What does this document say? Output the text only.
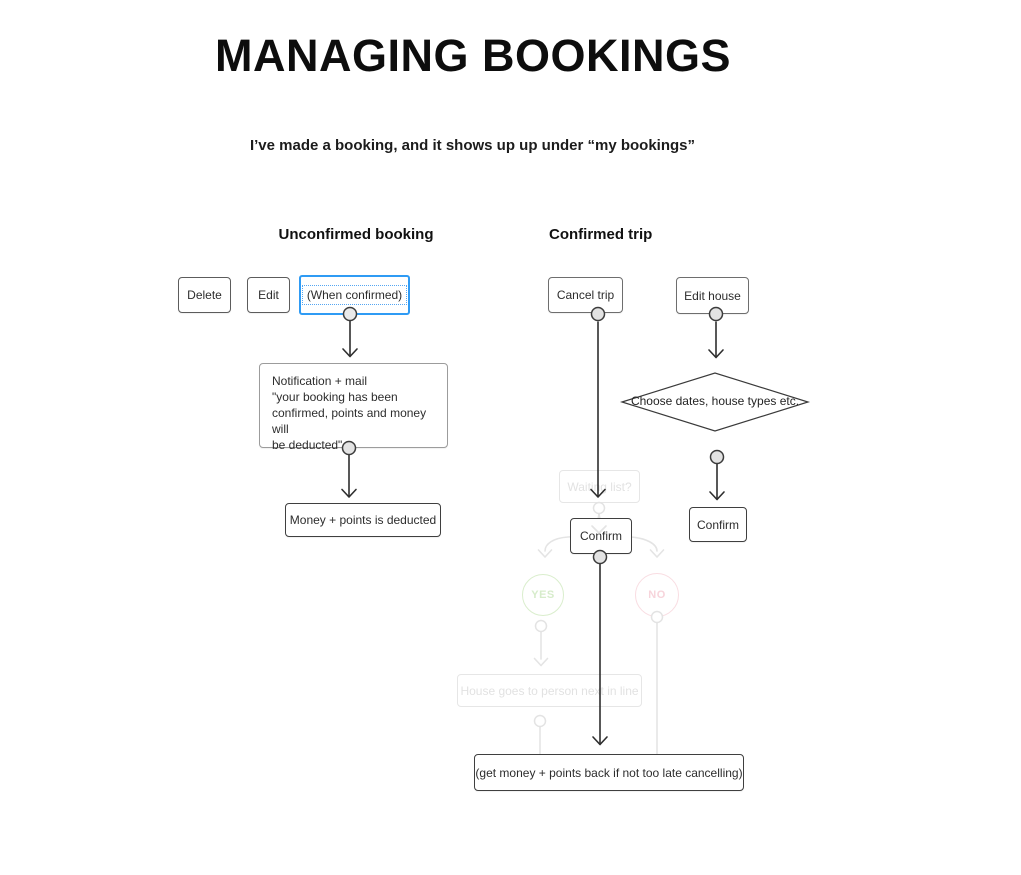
MANAGING BOOKINGS
I’ve made a booking, and it shows up up under “my bookings”
Unconfirmed booking	Confirmed trip
Waiting list?
House goes to person next in line
YES	NO
Delete	Edit	(When confirmed)
Notification + mail
"your booking has been
confirmed, points and money will
be deducted"
Money + points is deducted
Cancel trip	Edit house
Choose dates, house types etc.
Confirm
Confirm
(get money + points back if not too late cancelling)
